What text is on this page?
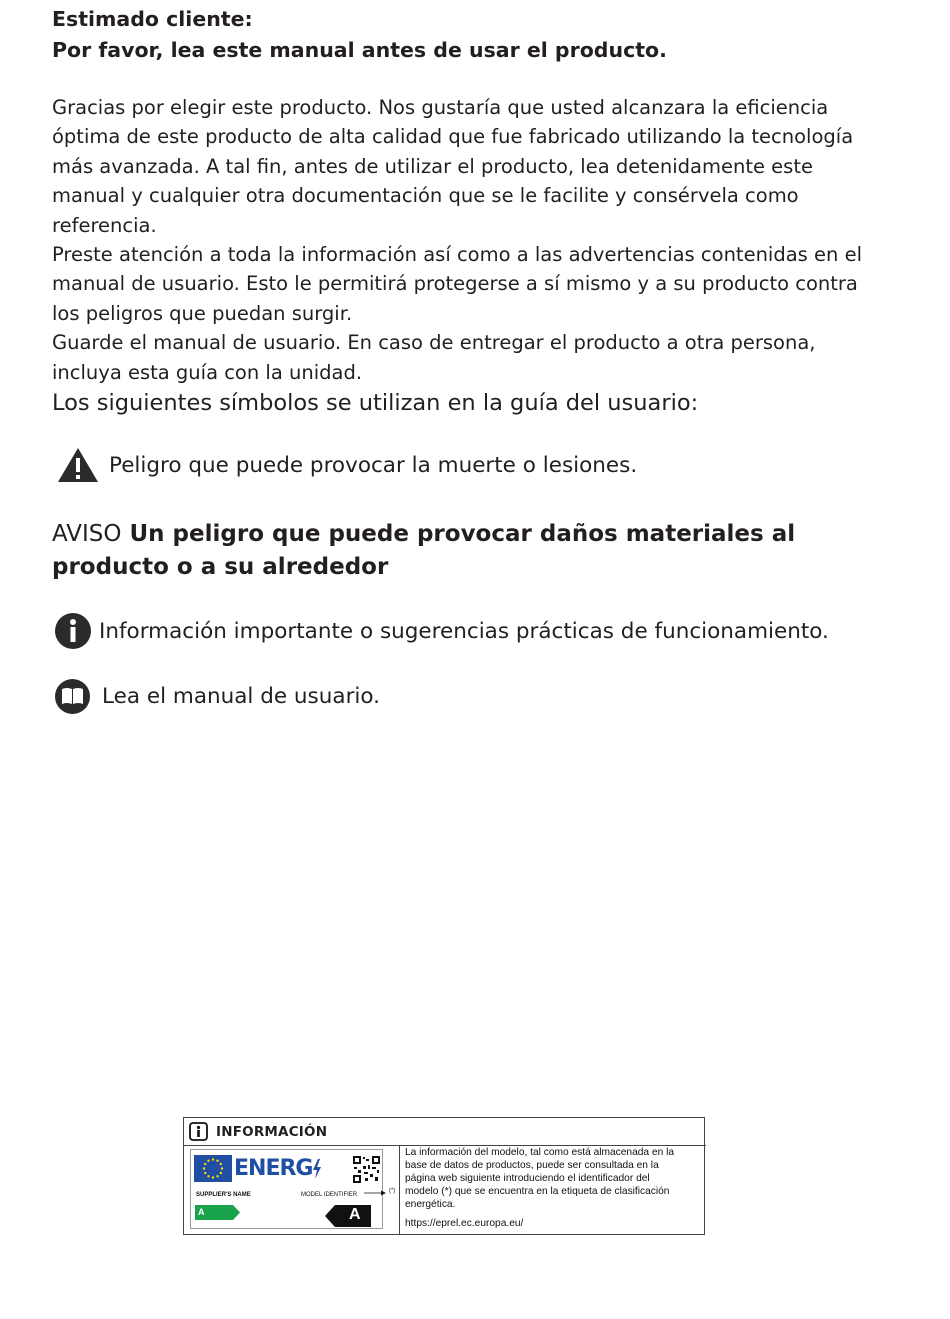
Estimado cliente:
Por favor, lea este manual antes de usar el producto.

Gracias por elegir este producto. Nos gustaría que usted alcanzara la eficiencia óptima de este producto de alta calidad que fue fabricado utilizando la tecnología más avanzada. A tal fin, antes de utilizar el producto, lea detenidamente este manual y cualquier otra documentación que se le facilite y consérvela como referencia.

Preste atención a toda la información así como a las advertencias contenidas en el manual de usuario. Esto le permitirá protegerse a sí mismo y a su producto contra los peligros que puedan surgir.

Guarde el manual de usuario. En caso de entregar el producto a otra persona, incluya esta guía con la unidad.

Los siguientes símbolos se utilizan en la guía del usuario:
Peligro que puede provocar la muerte o lesiones.
AVISO Un peligro que puede provocar daños materiales al producto o a su alrededor
Información importante o sugerencias prácticas de funcionamiento.
Lea el manual de usuario.
INFORMACIÓN
ENERG
SUPPLIER'S NAME	MODEL IDENTIFIER
A	A
(*)

La información del modelo, tal como está almacenada en la

base de datos de productos, puede ser consultada en la

página web siguiente introduciendo el identificador del

modelo (*) que se encuentra en la etiqueta de clasificación

energética.

https://eprel.ec.europa.eu/
